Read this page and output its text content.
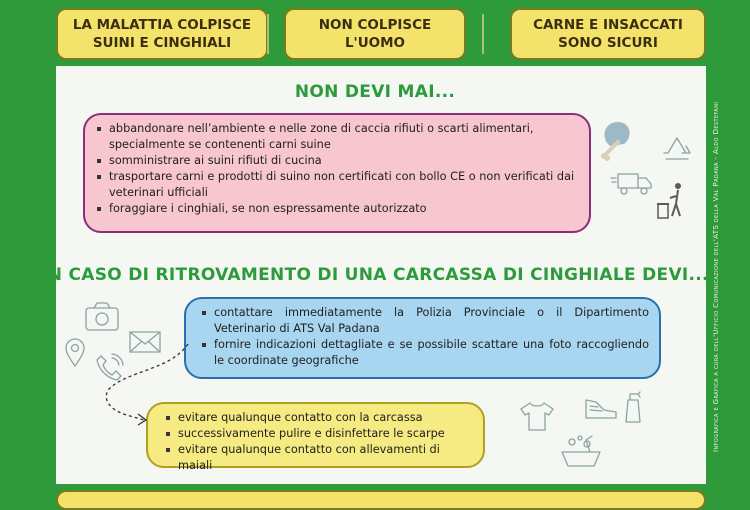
LA MALATTIA COLPISCE
SUINI E CINGHIALI
NON COLPISCE
L'UOMO
CARNE E INSACCATI
SONO SICURI
NON DEVI MAI...
abbandonare nell’ambiente e nelle zone di caccia rifiuti o scarti alimentari, specialmente se contenenti carni suine
somministrare ai suini rifiuti di cucina
trasportare carni e prodotti di suino non certificati con bollo CE o non verificati dai veterinari ufficiali
foraggiare i cinghiali, se non espressamente autorizzato
IN CASO DI RITROVAMENTO DI UNA CARCASSA DI CINGHIALE DEVI...
contattare immediatamente la Polizia Provinciale o il Dipartimento Veterinario di ATS Val Padana
fornire indicazioni dettagliate e se possibile scattare una foto raccogliendo le coordinate geografiche
evitare qualunque contatto con la carcassa
successivamente pulire e disinfettare le scarpe
evitare qualunque contatto con allevamenti di maiali
Infografica e Grafica a cura dell'Ufficio Comunicazione dell'ATS della Val Padana - Aldo Destefani
